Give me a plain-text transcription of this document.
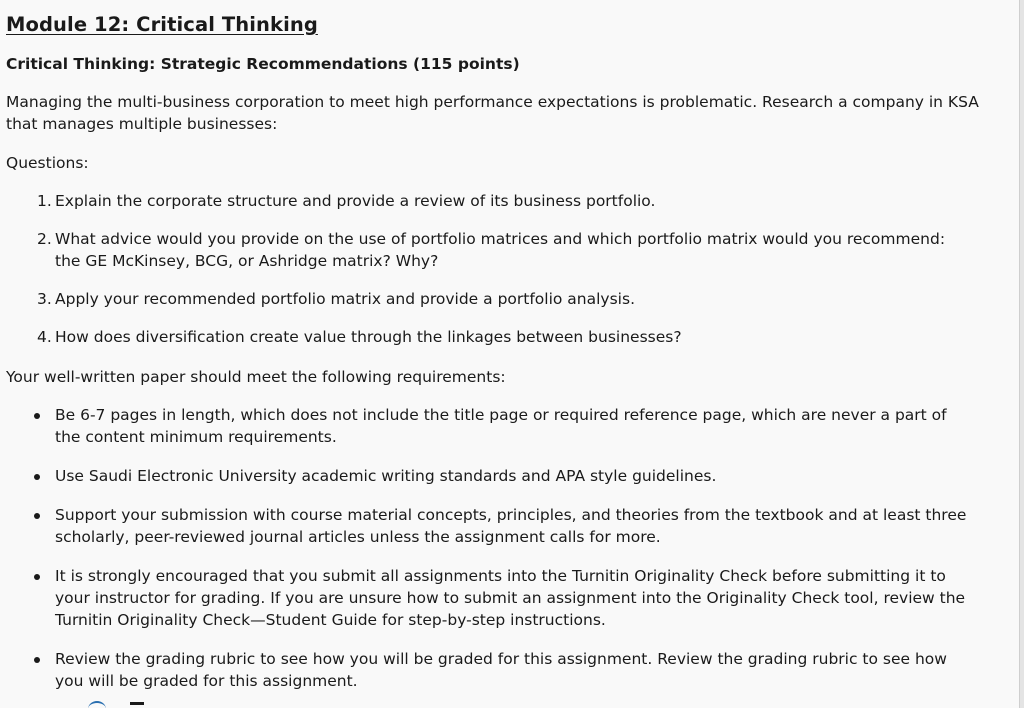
Module 12: Critical Thinking
Critical Thinking: Strategic Recommendations (115 points)

Managing the multi-business corporation to meet high performance expectations is problematic. Research a company in KSA that manages multiple businesses:

Questions:

1. Explain the corporate structure and provide a review of its business portfolio.
2. What advice would you provide on the use of portfolio matrices and which portfolio matrix would you recommend: the GE McKinsey, BCG, or Ashridge matrix? Why?
3. Apply your recommended portfolio matrix and provide a portfolio analysis.
4. How does diversification create value through the linkages between businesses?

Your well-written paper should meet the following requirements:

Be 6-7 pages in length, which does not include the title page or required reference page, which are never a part of the content minimum requirements.
Use Saudi Electronic University academic writing standards and APA style guidelines.
Support your submission with course material concepts, principles, and theories from the textbook and at least three scholarly, peer-reviewed journal articles unless the assignment calls for more.
It is strongly encouraged that you submit all assignments into the Turnitin Originality Check before submitting it to your instructor for grading. If you are unsure how to submit an assignment into the Originality Check tool, review the Turnitin Originality Check—Student Guide for step-by-step instructions.
Review the grading rubric to see how you will be graded for this assignment. Review the grading rubric to see how you will be graded for this assignment.
